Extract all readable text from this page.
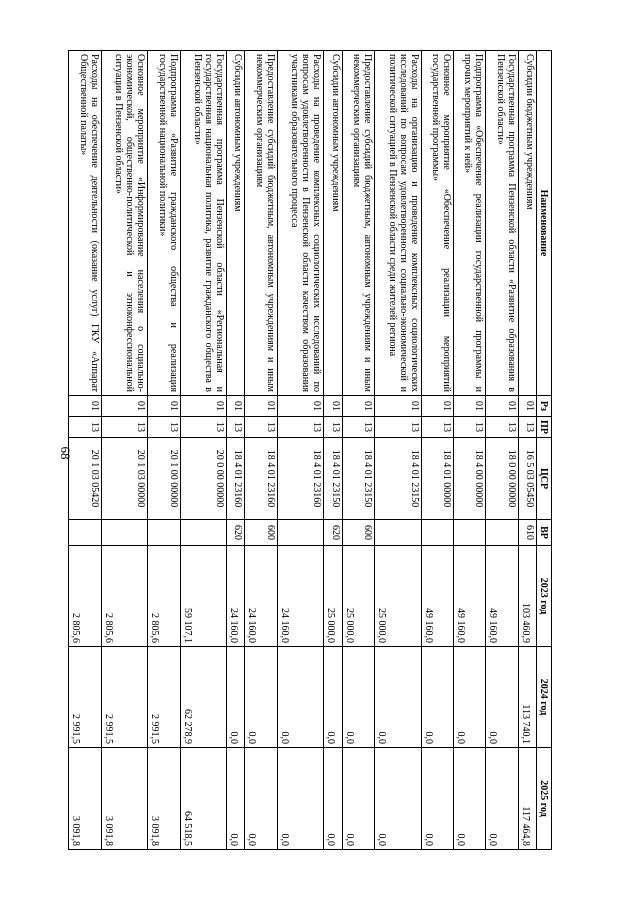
68
Наименование	Рз	ПР	ЦСР	ВР	2023 год	2024 год	2025 год
Субсидии бюджетным учреждениям	01	13	16 5 03 05450	610	103 460,9	113 740,1	117 464,8
Государственная программа Пензенской области «Развитие образования в Пензенской области»	01	13	18 0 00 00000		49 160,0	0,0	0,0
Подпрограмма «Обеспечение реализации государственной программы и прочих мероприятий к ней»	01	13	18 4 00 00000		49 160,0	0,0	0,0
Основное мероприятие «Обеспечение реализации мероприятий государственной программы»	01	13	18 4 01 00000		49 160,0	0,0	0,0
Расходы на организацию и проведение комплексных социологических исследований по вопросам удовлетворенности социально-экономической и политической ситуацией в Пензенской области среди жителей региона	01	13	18 4 01 23150		25 000,0	0,0	0,0
Предоставление субсидий бюджетным, автономным учреждениям и иным некоммерческим организациям	01	13	18 4 01 23150	600	25 000,0	0,0	0,0
Субсидии автономным учреждениям	01	13	18 4 01 23150	620	25 000,0	0,0	0,0
Расходы на проведение комплексных социологических исследований по вопросам удовлетворенности в Пензенской области качеством образования участниками образовательного процесса	01	13	18 4 01 23160		24 160,0	0,0	0,0
Предоставление субсидий бюджетным, автономным учреждениям и иным некоммерческим организациям	01	13	18 4 01 23160	600	24 160,0	0,0	0,0
Субсидии автономным учреждениям	01	13	18 4 01 23160	620	24 160,0	0,0	0,0
Государственная программа Пензенской области «Региональная и государственная национальная политика, развитие гражданского общества в Пензенской области»	01	13	20 0 00 00000		59 107,1	62 278,9	64 518,5
Подпрограмма «Развитие гражданского общества и реализация государственной национальной политики»	01	13	20 1 00 00000		2 805,6	2 991,5	3 091,8
Основное мероприятие «Информирование населения о социально-экономической, общественно-политической и этноконфессиональной ситуации в Пензенской области»	01	13	20 1 03 00000		2 805,6	2 991,5	3 091,8
Расходы на обеспечение деятельности (оказание услуг) ГКУ «Аппарат Общественной палаты»	01	13	20 1 03 05420		2 805,6	2 991,5	3 091,8
